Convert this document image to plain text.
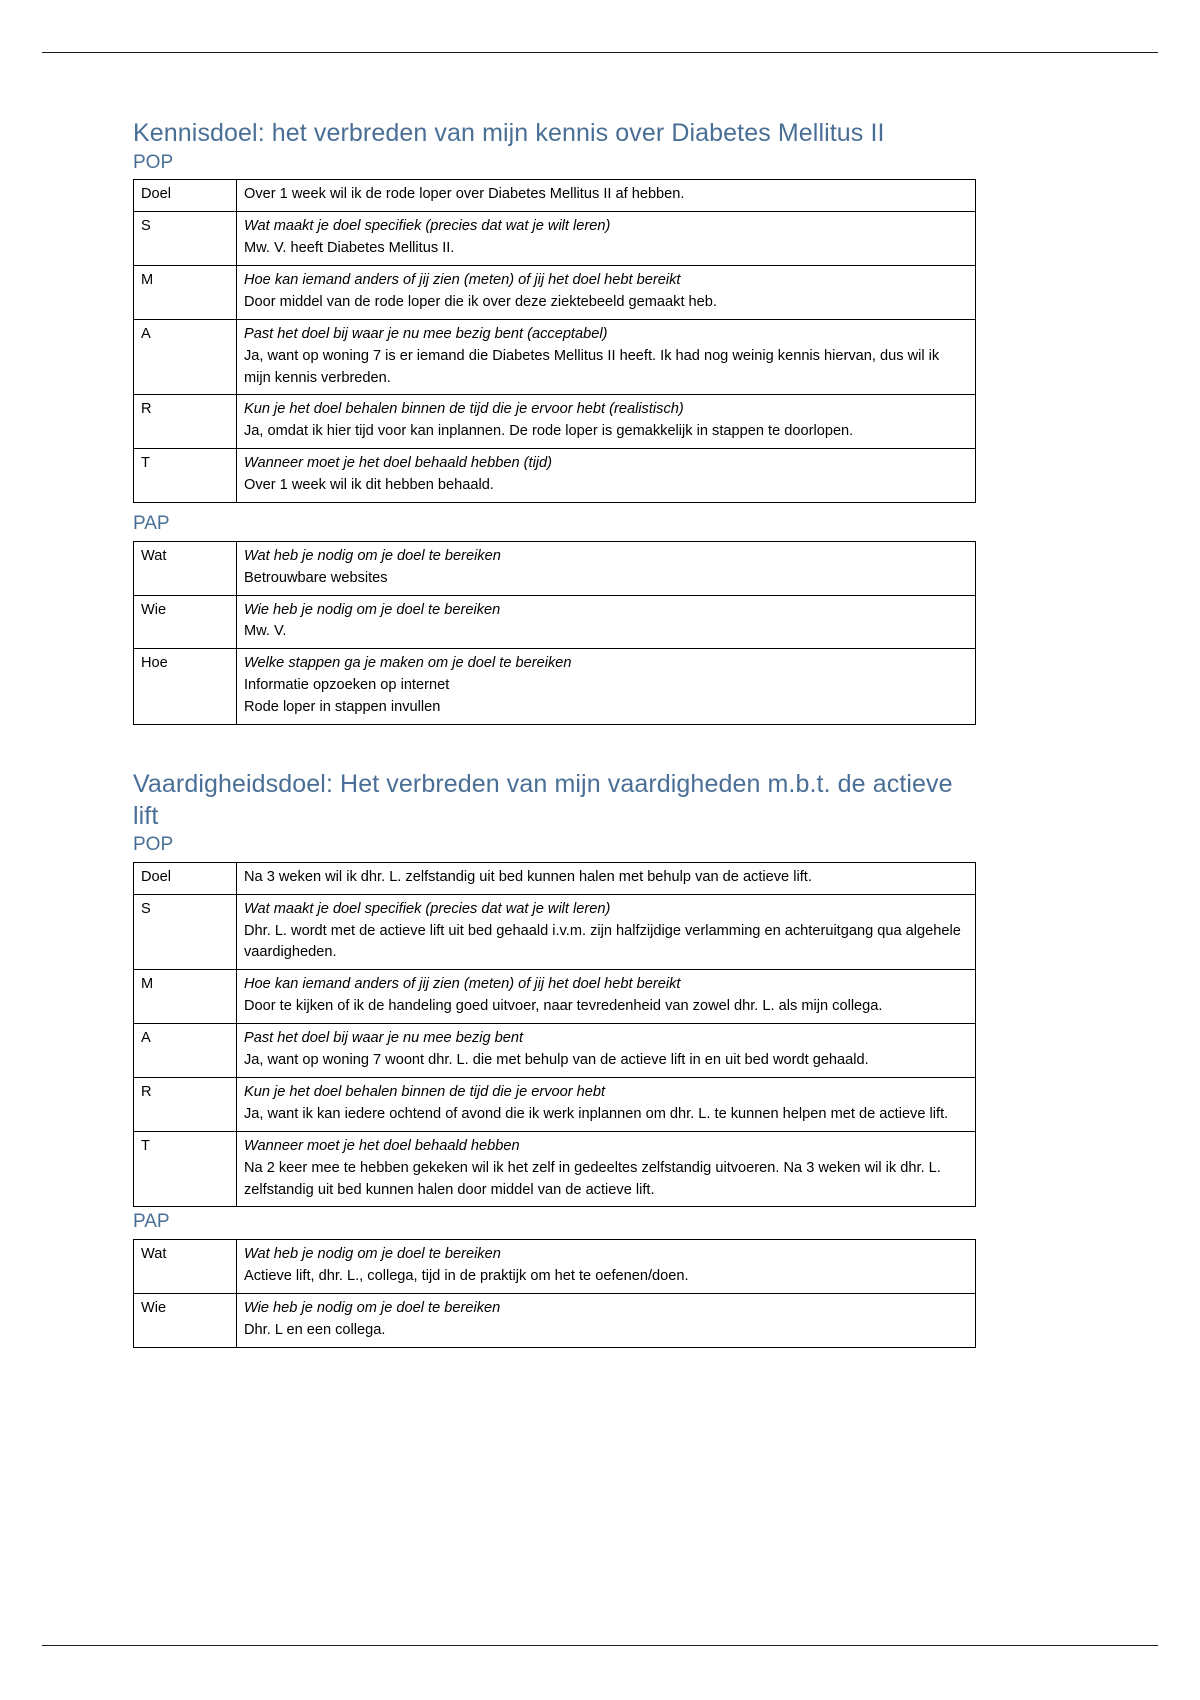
Kennisdoel: het verbreden van mijn kennis over Diabetes Mellitus II
POP
Doel	Over 1 week wil ik de rode loper over Diabetes Mellitus II af hebben.

S	Wat maakt je doel specifiek (precies dat wat je wilt leren)
Mw. V. heeft Diabetes Mellitus II.

M	Hoe kan iemand anders of jij zien (meten) of jij het doel hebt bereikt
Door middel van de rode loper die ik over deze ziektebeeld gemaakt heb.

A	Past het doel bij waar je nu mee bezig bent (acceptabel)
Ja, want op woning 7 is er iemand die Diabetes Mellitus II heeft. Ik had nog weinig kennis hiervan, dus wil ik mijn kennis verbreden.

R	Kun je het doel behalen binnen de tijd die je ervoor hebt (realistisch)
Ja, omdat ik hier tijd voor kan inplannen. De rode loper is gemakkelijk in stappen te doorlopen.

T	Wanneer moet je het doel behaald hebben (tijd)
Over 1 week wil ik dit hebben behaald.
PAP
Wat	Wat heb je nodig om je doel te bereiken
Betrouwbare websites

Wie	Wie heb je nodig om je doel te bereiken
Mw. V.

Hoe	Welke stappen ga je maken om je doel te bereiken
Informatie opzoeken op internet
Rode loper in stappen invullen
Vaardigheidsdoel: Het verbreden van mijn vaardigheden m.b.t. de actieve lift
POP
Doel	Na 3 weken wil ik dhr. L. zelfstandig uit bed kunnen halen met behulp van de actieve lift.

S	Wat maakt je doel specifiek (precies dat wat je wilt leren)
Dhr. L. wordt met de actieve lift uit bed gehaald i.v.m. zijn halfzijdige verlamming en achteruitgang qua algehele vaardigheden.

M	Hoe kan iemand anders of jij zien (meten) of jij het doel hebt bereikt
Door te kijken of ik de handeling goed uitvoer, naar tevredenheid van zowel dhr. L. als mijn collega.

A	Past het doel bij waar je nu mee bezig bent
Ja, want op woning 7 woont dhr. L. die met behulp van de actieve lift in en uit bed wordt gehaald.

R	Kun je het doel behalen binnen de tijd die je ervoor hebt
Ja, want ik kan iedere ochtend of avond die ik werk inplannen om dhr. L. te kunnen helpen met de actieve lift.

T	Wanneer moet je het doel behaald hebben
Na 2 keer mee te hebben gekeken wil ik het zelf in gedeeltes zelfstandig uitvoeren. Na 3 weken wil ik dhr. L. zelfstandig uit bed kunnen halen door middel van de actieve lift.
PAP
Wat	Wat heb je nodig om je doel te bereiken
Actieve lift, dhr. L., collega, tijd in de praktijk om het te oefenen/doen.

Wie	Wie heb je nodig om je doel te bereiken
Dhr. L en een collega.
